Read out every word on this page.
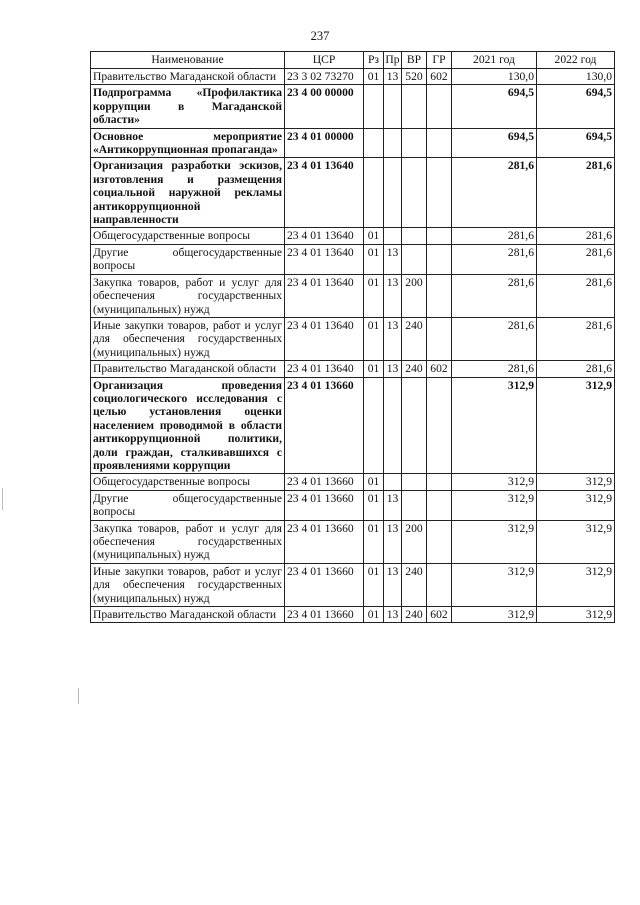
237
Наименование	ЦСР	Рз	Пр	ВР	ГР	2021 год	2022 год
Правительство Магаданской области	23 3 02 73270	01	13	520	602	130,0	130,0
Подпрограмма «Профилактика коррупции в Магаданской области»	23 4 00 00000					694,5	694,5
Основное мероприятие «Антикоррупционная пропаганда»	23 4 01 00000					694,5	694,5
Организация разработки эскизов, изготовления и размещения социальной наружной рекламы антикоррупционной направленности	23 4 01 13640					281,6	281,6
Общегосударственные вопросы	23 4 01 13640	01				281,6	281,6
Другие общегосударственные вопросы	23 4 01 13640	01	13			281,6	281,6
Закупка товаров, работ и услуг для обеспечения государственных (муниципальных) нужд	23 4 01 13640	01	13	200		281,6	281,6
Иные закупки товаров, работ и услуг для обеспечения государственных (муниципальных) нужд	23 4 01 13640	01	13	240		281,6	281,6
Правительство Магаданской области	23 4 01 13640	01	13	240	602	281,6	281,6
Организация проведения социологического исследования с целью установления оценки населением проводимой в области антикоррупционной политики, доли граждан, сталкивавшихся с проявлениями коррупции	23 4 01 13660					312,9	312,9
Общегосударственные вопросы	23 4 01 13660	01				312,9	312,9
Другие общегосударственные вопросы	23 4 01 13660	01	13			312,9	312,9
Закупка товаров, работ и услуг для обеспечения государственных (муниципальных) нужд	23 4 01 13660	01	13	200		312,9	312,9
Иные закупки товаров, работ и услуг для обеспечения государственных (муниципальных) нужд	23 4 01 13660	01	13	240		312,9	312,9
Правительство Магаданской области	23 4 01 13660	01	13	240	602	312,9	312,9
